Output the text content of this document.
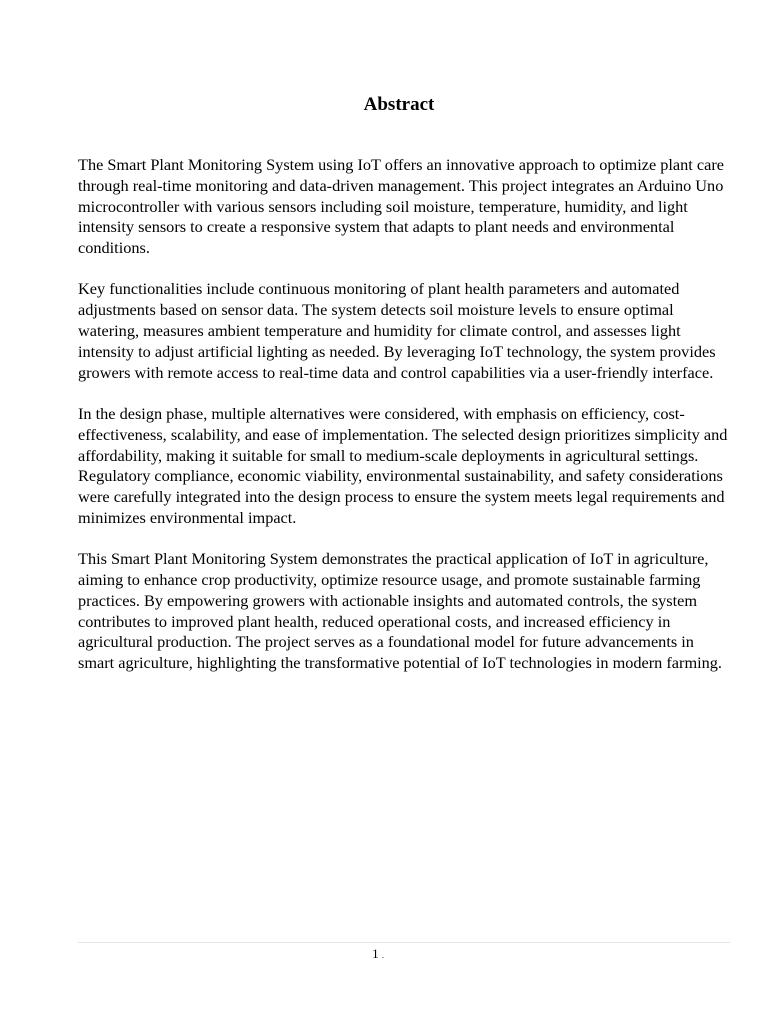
Abstract

The Smart Plant Monitoring System using IoT offers an innovative approach to optimize plant care through real-time monitoring and data-driven management. This project integrates an Arduino Uno microcontroller with various sensors including soil moisture, temperature, humidity, and light intensity sensors to create a responsive system that adapts to plant needs and environmental conditions.

Key functionalities include continuous monitoring of plant health parameters and automated adjustments based on sensor data. The system detects soil moisture levels to ensure optimal watering, measures ambient temperature and humidity for climate control, and assesses light intensity to adjust artificial lighting as needed. By leveraging IoT technology, the system provides growers with remote access to real-time data and control capabilities via a user-friendly interface.

In the design phase, multiple alternatives were considered, with emphasis on efficiency, cost-effectiveness, scalability, and ease of implementation. The selected design prioritizes simplicity and affordability, making it suitable for small to medium-scale deployments in agricultural settings. Regulatory compliance, economic viability, environmental sustainability, and safety considerations were carefully integrated into the design process to ensure the system meets legal requirements and minimizes environmental impact.

This Smart Plant Monitoring System demonstrates the practical application of IoT in agriculture, aiming to enhance crop productivity, optimize resource usage, and promote sustainable farming practices. By empowering growers with actionable insights and automated controls, the system contributes to improved plant health, reduced operational costs, and increased efficiency in agricultural production. The project serves as a foundational model for future advancements in smart agriculture, highlighting the transformative potential of IoT technologies in modern farming.

1 .
